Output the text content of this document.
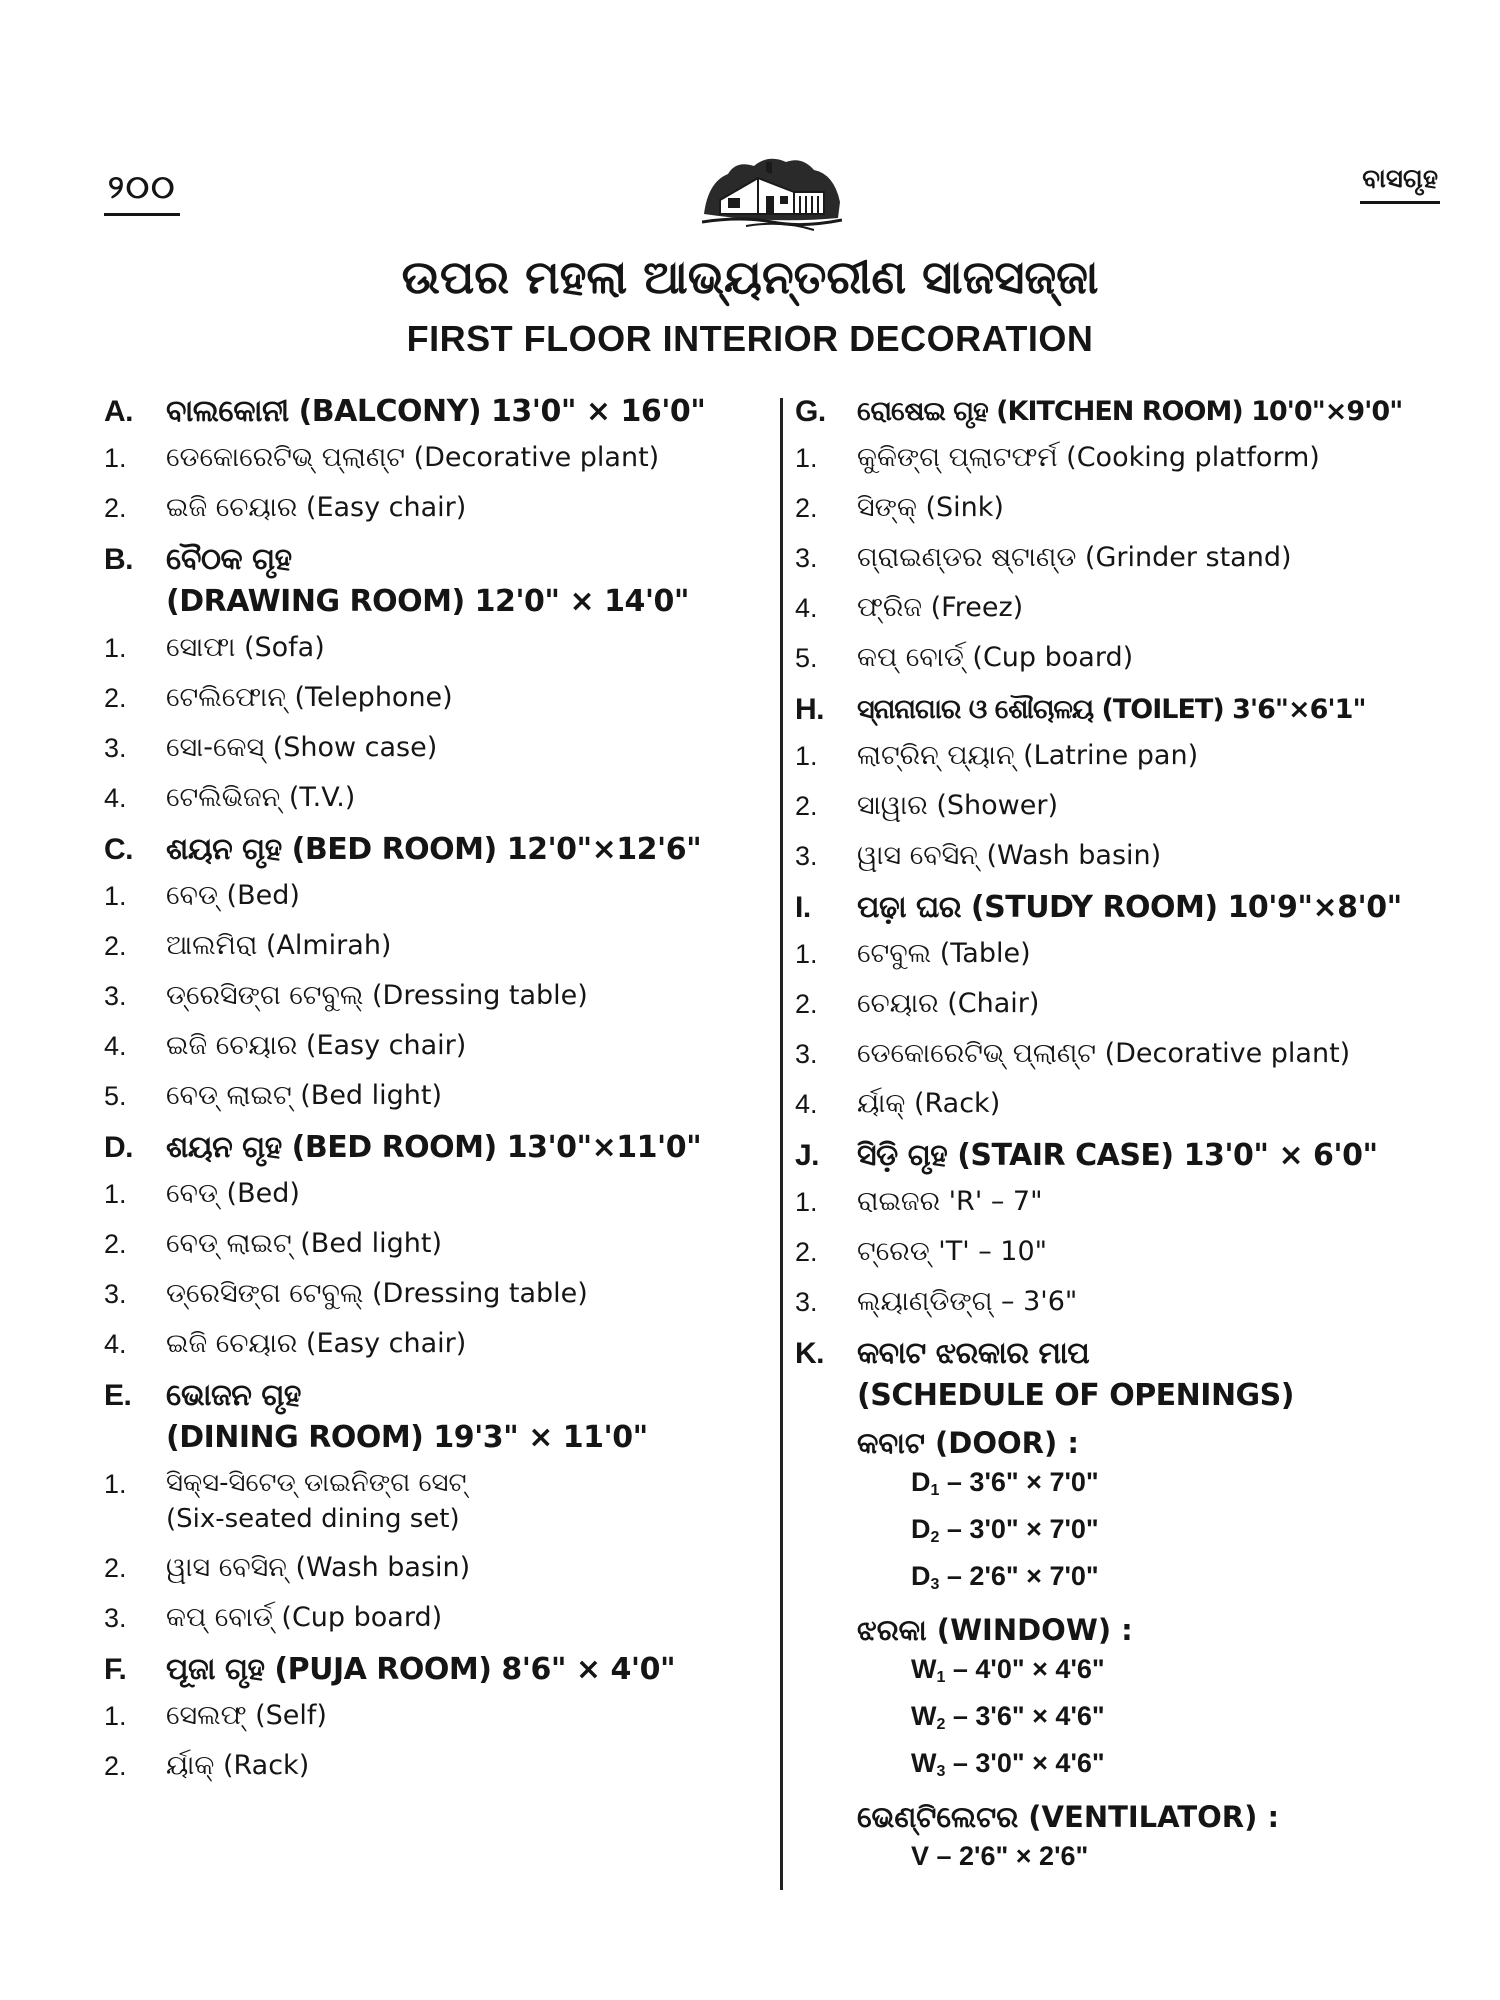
୨୦୦	ବାସଗୃହ
ଉପର ମହଲା ଆଭ୍ୟନ୍ତରୀଣ ସାଜସଜ୍ଜା
FIRST FLOOR INTERIOR DECORATION
A.	ବାଲକୋନୀ (BALCONY) 13'0" × 16'0"
1.	ଡେକୋରେଟିଭ୍ ପ୍ଲାଣ୍ଟ (Decorative plant)
2.	ଇଜି ଚେୟାର (Easy chair)
B.	ବୈଠକ ଗୃହ
(DRAWING ROOM) 12'0" × 14'0"
1.	ସୋଫା (Sofa)
2.	ଟେଲିଫୋନ୍ (Telephone)
3.	ସୋ-କେସ୍ (Show case)
4.	ଟେଲିଭିଜନ୍ (T.V.)
C.	ଶୟନ ଗୃହ (BED ROOM) 12'0"×12'6"
1.	ବେଡ୍ (Bed)
2.	ଆଲମିରା (Almirah)
3.	ଡ୍ରେସିଙ୍ଗ ଟେବୁଲ୍ (Dressing table)
4.	ଇଜି ଚେୟାର (Easy chair)
5.	ବେଡ୍ ଲାଇଟ୍ (Bed light)
D.	ଶୟନ ଗୃହ (BED ROOM) 13'0"×11'0"
1.	ବେଡ୍ (Bed)
2.	ବେଡ୍ ଲାଇଟ୍ (Bed light)
3.	ଡ୍ରେସିଙ୍ଗ ଟେବୁଲ୍ (Dressing table)
4.	ଇଜି ଚେୟାର (Easy chair)
E.	ଭୋଜନ ଗୃହ
(DINING ROOM) 19'3" × 11'0"
1.	ସିକ୍ସ-ସିଟେଡ୍ ଡାଇନିଙ୍ଗ ସେଟ୍
(Six-seated dining set)
2.	ୱାସ ବେସିନ୍ (Wash basin)
3.	କପ୍ ବୋର୍ଡ୍ (Cup board)
F.	ପୂଜା ଗୃହ (PUJA ROOM) 8'6" × 4'0"
1.	ସେଲଫ୍ (Self)
2.	ର୍ୟାକ୍ (Rack)
G.	ରୋଷେଇ ଗୃହ (KITCHEN ROOM) 10'0"×9'0"
1.	କୁକିଙ୍ଗ୍ ପ୍ଲାଟଫର୍ମ (Cooking platform)
2.	ସିଙ୍କ୍ (Sink)
3.	ଗ୍ରାଇଣ୍ଡର ଷ୍ଟାଣ୍ଡ (Grinder stand)
4.	ଫ୍ରିଜ (Freez)
5.	କପ୍ ବୋର୍ଡ୍ (Cup board)
H.	ସ୍ନାନାଗାର ଓ ଶୌଚାଳୟ (TOILET) 3'6"×6'1"
1.	ଲାଟ୍ରିନ୍ ପ୍ୟାନ୍ (Latrine pan)
2.	ସାୱାର (Shower)
3.	ୱାସ ବେସିନ୍ (Wash basin)
I.	ପଢ଼ା ଘର (STUDY ROOM) 10'9"×8'0"
1.	ଟେବୁଲ (Table)
2.	ଚେୟାର (Chair)
3.	ଡେକୋରେଟିଭ୍ ପ୍ଲାଣ୍ଟ (Decorative plant)
4.	ର୍ୟାକ୍ (Rack)
J.	ସିଡ଼ି ଗୃହ (STAIR CASE) 13'0" × 6'0"
1.	ରାଇଜର 'R' – 7"
2.	ଟ୍ରେଡ୍ 'T' – 10"
3.	ଲ୍ୟାଣ୍ଡିଙ୍ଗ୍ – 3'6"
K.	କବାଟ ଝରକାର ମାପ
(SCHEDULE OF OPENINGS)
କବାଟ (DOOR) :
$D_1 - 3'6$" × 7'0"
$D_2 - 3'0$" × 7'0"
$D_3 - 2'6$" × 7'0"
ଝରକା (WINDOW) :
$W_1 - 4'0$" × 4'6"
$W_2 - 3'6$" × 4'6"
$W_3 - 3'0$" × 4'6"
ଭେଣ୍ଟିଲେଟର (VENTILATOR) :
V – 2'6" × 2'6"
